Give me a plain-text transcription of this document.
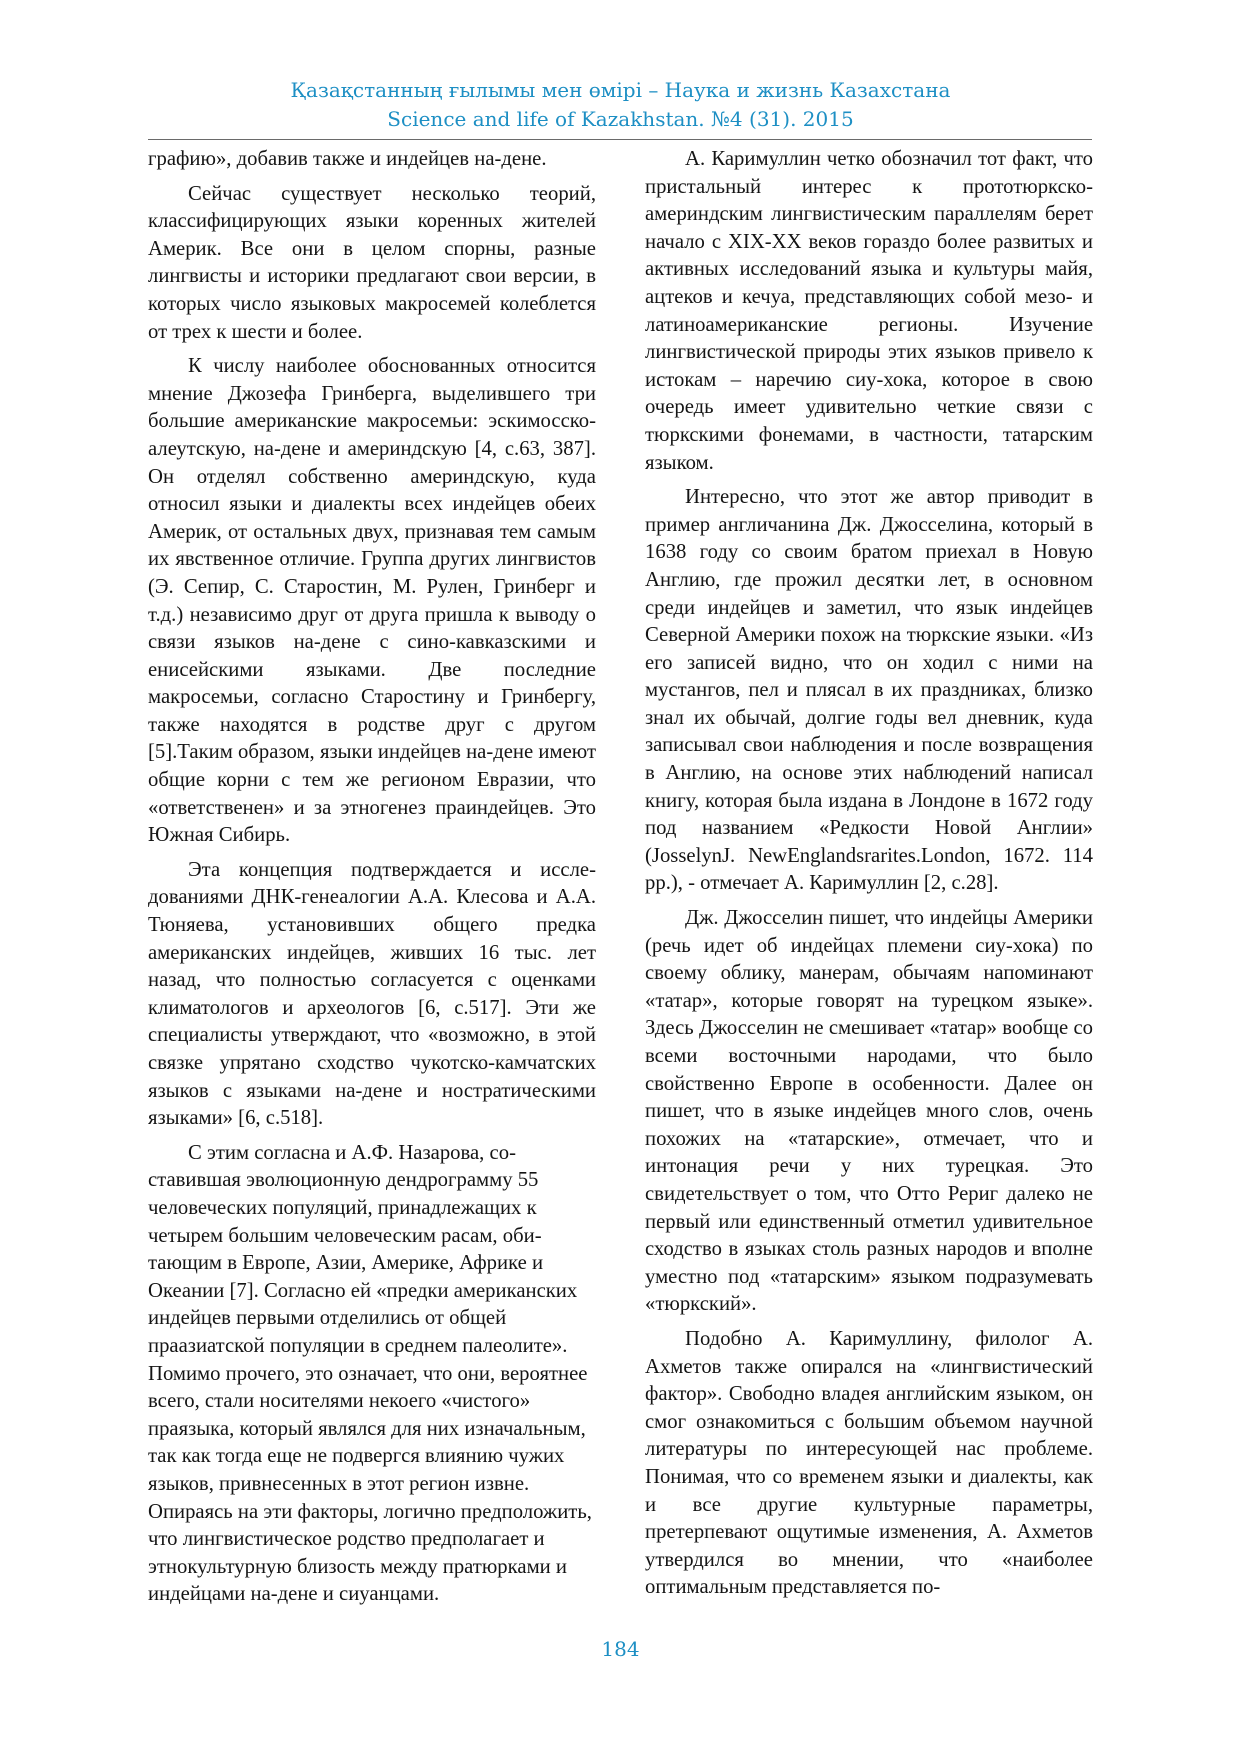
Қазақстанның ғылымы мен өмірі – Наука и жизнь Казахстана
Science and life of Kazakhstan. №4 (31). 2015

графию», добавив также и индейцев на-дене.

Сейчас существует несколько теорий, классифицирующих языки коренных жителей Америк. Все они в целом спорны, разные лингвисты и историки предлагают свои версии, в которых число языковых макросемей колеблется от трех к шести и более.

К числу наиболее обоснованных относится мнение Джозефа Гринберга, выделившего три большие американские макросемьи: эскимосско-алеутскую, на-дене и америндскую [4, с.63, 387]. Он отделял собственно америндскую, куда относил языки и диалекты всех индейцев обеих Америк, от остальных двух, признавая тем самым их явственное отличие. Группа других лингвистов (Э. Сепир, С. Старостин, М. Рулен, Гринберг и т.д.) независимо друг от друга пришла к выводу о связи языков на-дене с сино-кавказскими и енисейскими языками. Две последние макросемьи, согласно Старостину и Гринбергу, также находятся в родстве друг с другом [5].Таким образом, языки индейцев на-дене имеют общие корни с тем же регионом Евразии, что «ответственен» и за этногенез праиндейцев. Это Южная Сибирь.

Эта концепция подтверждается и исследованиями ДНК-генеалогии А.А. Клесова и А.А. Тюняева, установивших общего предка американских индейцев, живших 16 тыс. лет назад, что полностью согласуется с оценками климатологов и археологов [6, с.517]. Эти же специалисты утверждают, что «возможно, в этой связке упрятано сходство чукотско-камчатских языков с языками на-дене и ностратическими языками» [6, с.518].

С этим согласна и А.Ф. Назарова, составившая эволюционную дендрограмму 55 человеческих популяций, принадлежащих к четырем большим человеческим расам, обитающим в Европе, Азии, Америке, Африке и Океании [7]. Согласно ей «предки американских индейцев первыми отделились от общей праазиатской популяции в среднем палеолите». Помимо прочего, это означает, что они, вероятнее всего, стали носителями некоего «чистого» праязыка, который являлся для них изначальным, так как тогда еще не подвергся влиянию чужих языков, привнесенных в этот регион извне. Опираясь на эти факторы, логично предположить, что лингвистическое родство предполагает и этнокультурную близость между пратюрками и индейцами на-дене и сиуанцами.

А. Каримуллин четко обозначил тот факт, что пристальный интерес к прототюркско-америндским лингвистическим параллелям берет начало с XIX-XX веков гораздо более развитых и активных исследований языка и культуры майя, ацтеков и кечуа, представляющих собой мезо- и латиноамериканские регионы. Изучение лингвистической природы этих языков привело к истокам – наречию сиу-хока, которое в свою очередь имеет удивительно четкие связи с тюркскими фонемами, в частности, татарским языком.

Интересно, что этот же автор приводит в пример англичанина Дж. Джосселина, который в 1638 году со своим братом приехал в Новую Англию, где прожил десятки лет, в основном среди индейцев и заметил, что язык индейцев Северной Америки похож на тюркские языки. «Из его записей видно, что он ходил с ними на мустангов, пел и плясал в их праздниках, близко знал их обычай, долгие годы вел дневник, куда записывал свои наблюдения и после возвращения в Англию, на основе этих наблюдений написал книгу, которая была издана в Лондоне в 1672 году под названием «Редкости Новой Англии» (JosselynJ. NewEnglandsrarites.London, 1672. 114 pp.), - отмечает А. Каримуллин [2, с.28].

Дж. Джосселин пишет, что индейцы Америки (речь идет об индейцах племени сиу-хока) по своему облику, манерам, обычаям напоминают «татар», которые говорят на турецком языке». Здесь Джосселин не смешивает «татар» вообще со всеми восточными народами, что было свойственно Европе в особенности. Далее он пишет, что в языке индейцев много слов, очень похожих на «татарские», отмечает, что и интонация речи у них турецкая. Это свидетельствует о том, что Отто Рериг далеко не первый или единственный отметил удивительное сходство в языках столь разных народов и вполне уместно под «татарским» языком подразумевать «тюркский».

Подобно А. Каримуллину, филолог А. Ахметов также опирался на «лингвистический фактор». Свободно владея английским языком, он смог ознакомиться с большим объемом научной литературы по интересующей нас проблеме. Понимая, что со временем языки и диалекты, как и все другие культурные параметры, претерпевают ощутимые изменения, А. Ахметов утвердился во мнении, что «наиболее оптимальным представляется по-

184
